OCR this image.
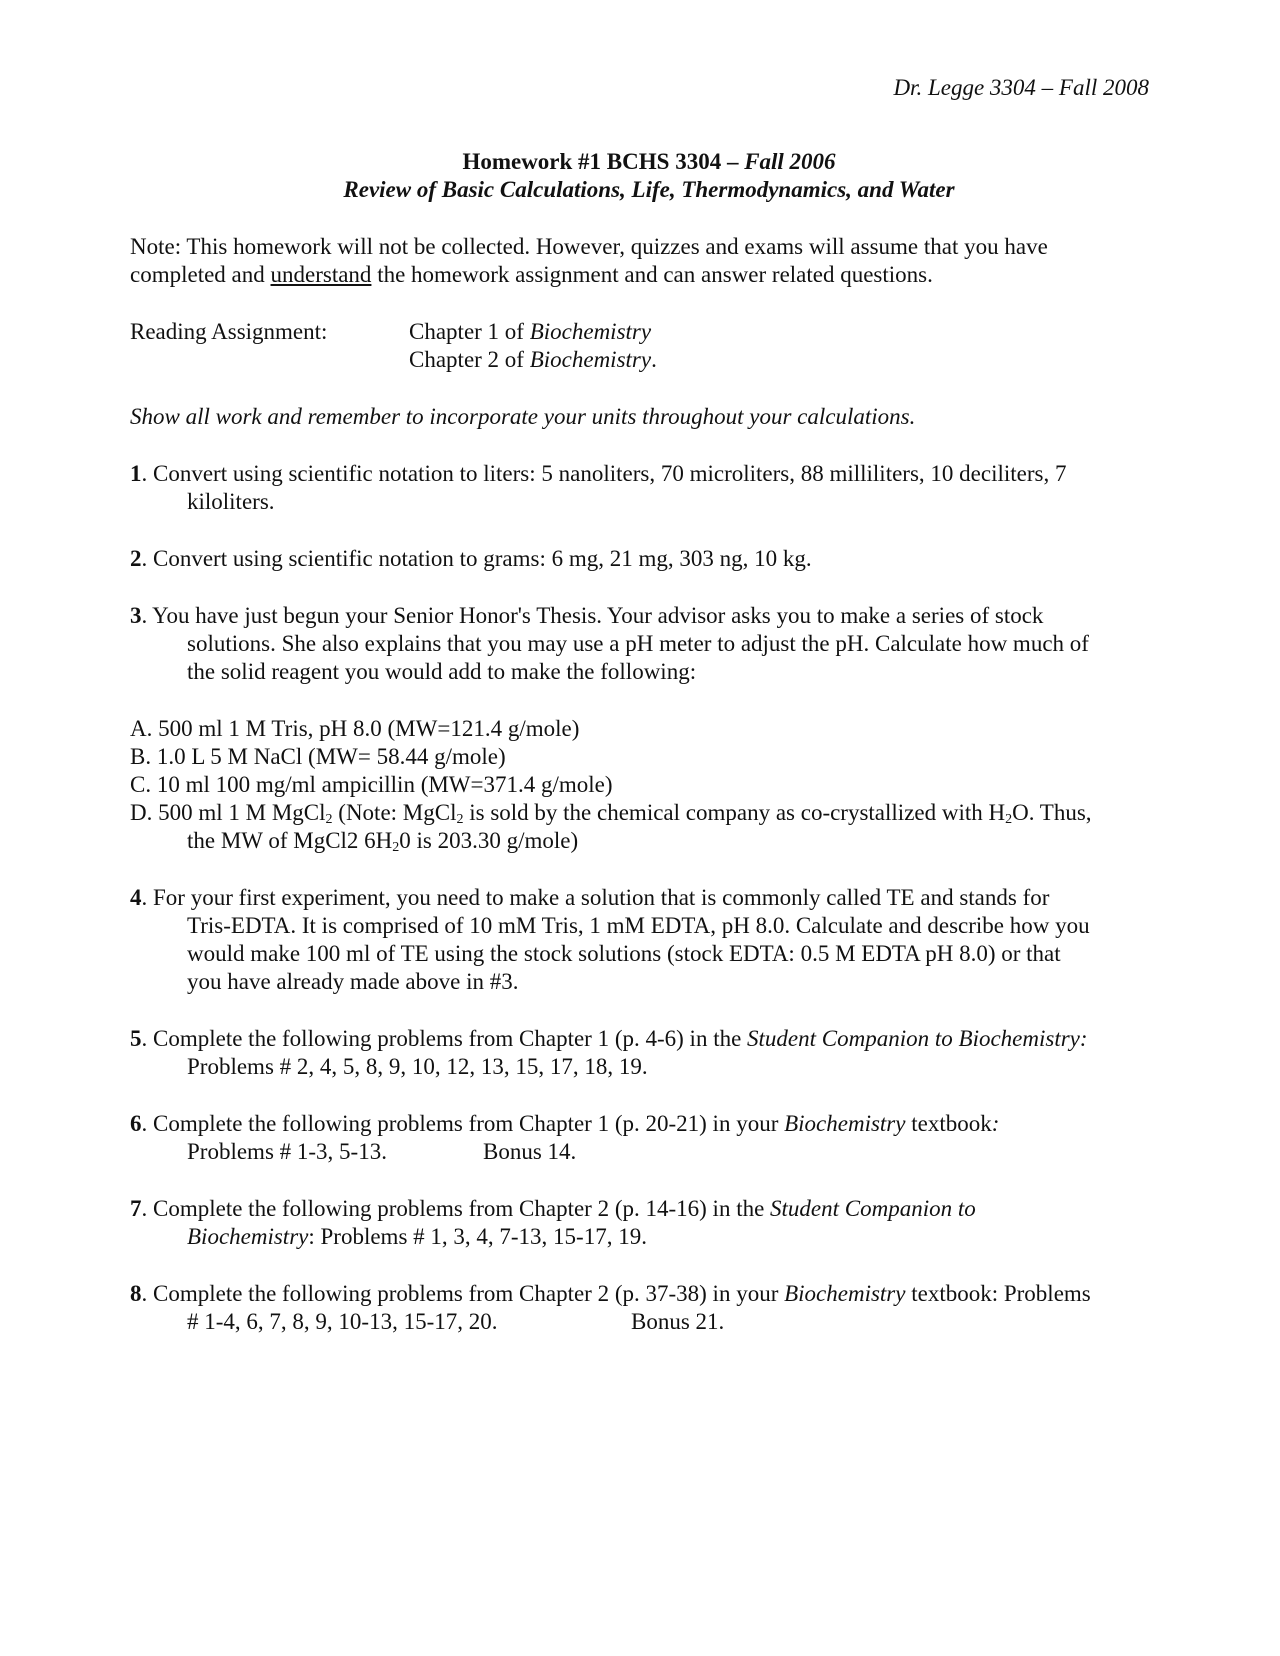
Dr. Legge 3304 – Fall 2008
Homework #1 BCHS 3304 – Fall 2006
Review of Basic Calculations, Life, Thermodynamics, and Water
Note: This homework will not be collected. However, quizzes and exams will assume that you have
completed and understand the homework assignment and can answer related questions.
Reading Assignment:	Chapter 1 of Biochemistry
Chapter 2 of Biochemistry.
Show all work and remember to incorporate your units throughout your calculations.
1. Convert using scientific notation to liters: 5 nanoliters, 70 microliters, 88 milliliters, 10 deciliters, 7
kiloliters.
2. Convert using scientific notation to grams: 6 mg, 21 mg, 303 ng, 10 kg.
3. You have just begun your Senior Honor's Thesis. Your advisor asks you to make a series of stock
solutions. She also explains that you may use a pH meter to adjust the pH. Calculate how much of
the solid reagent you would add to make the following:
A. 500 ml 1 M Tris, pH 8.0 (MW=121.4 g/mole)
B. 1.0 L 5 M NaCl (MW= 58.44 g/mole)
C. 10 ml 100 mg/ml ampicillin (MW=371.4 g/mole)
D. 500 ml 1 M MgCl$_2$ (Note: MgCl$_2$ is sold by the chemical company as co-crystallized with $H_2O$. Thus,
the MW of MgCl2 $6H_20$ is 203.30 g/mole)
4. For your first experiment, you need to make a solution that is commonly called TE and stands for
Tris-EDTA. It is comprised of 10 mM Tris, 1 mM EDTA, pH 8.0. Calculate and describe how you
would make 100 ml of TE using the stock solutions (stock EDTA: 0.5 M EDTA pH 8.0) or that
you have already made above in #3.
5. Complete the following problems from Chapter 1 (p. 4-6) in the Student Companion to Biochemistry:
Problems # 2, 4, 5, 8, 9, 10, 12, 13, 15, 17, 18, 19.
6. Complete the following problems from Chapter 1 (p. 20-21) in your Biochemistry textbook:
Problems # 1-3, 5-13.	Bonus 14.
7. Complete the following problems from Chapter 2 (p. 14-16) in the Student Companion to
Biochemistry: Problems # 1, 3, 4, 7-13, 15-17, 19.
8. Complete the following problems from Chapter 2 (p. 37-38) in your Biochemistry textbook: Problems
# 1-4, 6, 7, 8, 9, 10-13, 15-17, 20.	Bonus 21.
